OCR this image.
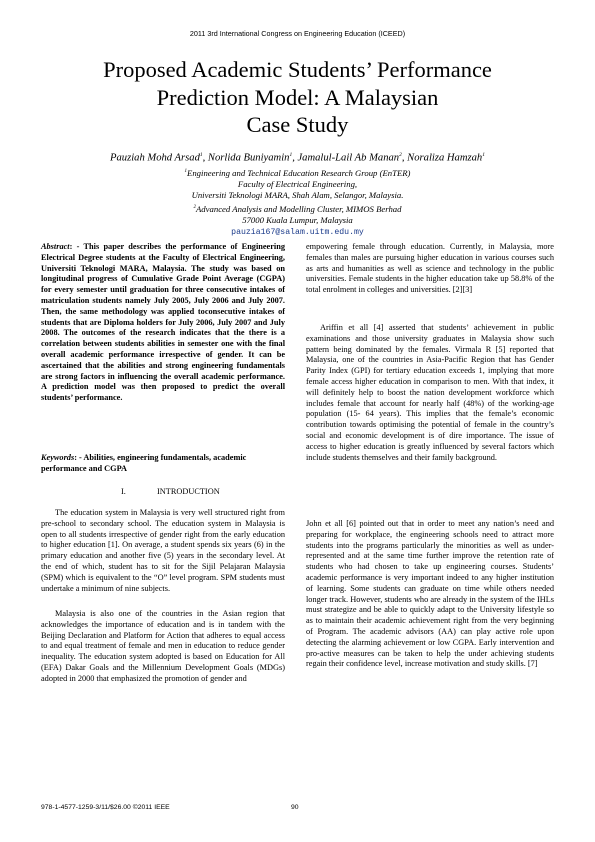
2011 3rd International Congress on Engineering Education (ICEED)
Proposed Academic Students’ Performance
Prediction Model: A Malaysian
Case Study
Pauziah Mohd Arsad$^1$, Norlida Buniyamin$^1$, Jamalul-Lail Ab Manan$^2$, Noraliza Hamzah$^1$
$^1$Engineering and Technical Education Research Group (EnTER)
Faculty of Electrical Engineering,
Universiti Teknologi MARA, Shah Alam, Selangor, Malaysia.
$^2$Advanced Analysis and Modelling Cluster, MIMOS Berhad
57000 Kuala Lumpur, Malaysia
pauzia167@salam.uitm.edu.my

Abstract: - This paper describes the performance of Engineering Electrical Degree students at the Faculty of Electrical Engineering, Universiti Teknologi MARA, Malaysia. The study was based on longitudinal progress of Cumulative Grade Point Average (CGPA) for every semester until graduation for three consecutive intakes of matriculation students namely July 2005, July 2006 and July 2007. Then, the same methodology was applied toconsecutive intakes of students that are Diploma holders for July 2006, July 2007 and July 2008. The outcomes of the research indicates that the there is a correlation between students abilities in semester one with the final overall academic performance irrespective of gender. It can be ascertained that the abilities and strong engineering fundamentals are strong factors in influencing the overall academic performance. A prediction model was then proposed to predict the overall students’ performance.

Keywords: - Abilities, engineering fundamentals, academic performance and CGPA

I.	INTRODUCTION

The education system in Malaysia is very well structured right from pre-school to secondary school. The education system in Malaysia is open to all students irrespective of gender right from the early education to higher education [1]. On average, a student spends six years (6) in the primary education and another five (5) years in the secondary level. At the end of which, student has to sit for the Sijil Pelajaran Malaysia (SPM) which is equivalent to the “O” level program. SPM students must undertake a minimum of nine subjects.

Malaysia is also one of the countries in the Asian region that acknowledges the importance of education and is in tandem with the Beijing Declaration and Platform for Action that adheres to equal access to and equal treatment of female and men in education to reduce gender inequality. The education system adopted is based on Education for All (EFA) Dakar Goals and the Millennium Development Goals (MDGs) adopted in 2000 that emphasized the promotion of gender and

empowering female through education. Currently, in Malaysia, more females than males are pursuing higher education in various courses such as arts and humanities as well as science and technology in the public universities. Female students in the higher education take up 58.8% of the total enrolment in colleges and universities. [2][3]

Ariffin et all [4] asserted that students’ achievement in public examinations and those university graduates in Malaysia show such pattern being dominated by the females. Virmala R [5] reported that Malaysia, one of the countries in Asia-Pacific Region that has Gender Parity Index (GPI) for tertiary education exceeds 1, implying that more female access higher education in comparison to men. With that index, it will definitely help to boost the nation development workforce which includes female that account for nearly half (48%) of the working-age population (15- 64 years). This implies that the female’s economic contribution towards optimising the potential of female in the country’s social and economic development is of dire importance. The issue of access to higher education is greatly influenced by several factors which include students themselves and their family background.

John et all [6] pointed out that in order to meet any nation’s need and preparing for workplace, the engineering schools need to attract more students into the programs particularly the minorities as well as under-represented and at the same time further improve the retention rate of students who had chosen to take up engineering courses. Students’ academic performance is very important indeed to any higher institution of learning. Some students can graduate on time while others needed longer track. However, students who are already in the system of the IHLs must strategize and be able to quickly adapt to the University lifestyle so as to maintain their academic achievement right from the very beginning of Program. The academic advisors (AA) can play active role upon detecting the alarming achievement or low CGPA. Early intervention and pro-active measures can be taken to help the under achieving students regain their confidence level, increase motivation and study skills. [7]

978-1-4577-1259-3/11/$26.00 ©2011 IEEE	90
